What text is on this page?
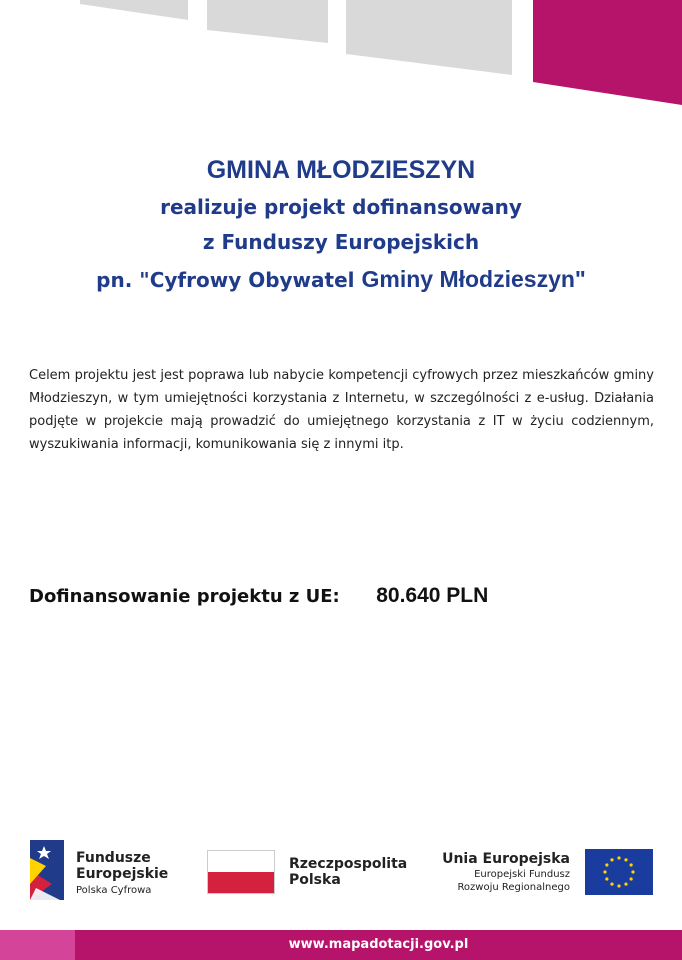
GMINA MŁODZIESZYN
realizuje projekt dofinansowany
z Funduszy Europejskich
pn. "Cyfrowy Obywatel Gminy Młodzieszyn"
Celem projektu jest jest poprawa lub nabycie kompetencji cyfrowych przez mieszkańców gminy Młodzieszyn, w tym umiejętności korzystania z Internetu, w szczególności z e-usług. Działania podjęte w projekcie mają prowadzić do umiejętnego korzystania z IT w życiu codziennym, wyszukiwania informacji, komunikowania się z innymi itp.
Dofinansowanie projektu z UE: 80.640 PLN
Fundusze
Europejskie
Polska Cyfrowa
Rzeczpospolita
Polska
Unia Europejska
Europejski Fundusz
Rozwoju Regionalnego
www.mapadotacji.gov.pl
